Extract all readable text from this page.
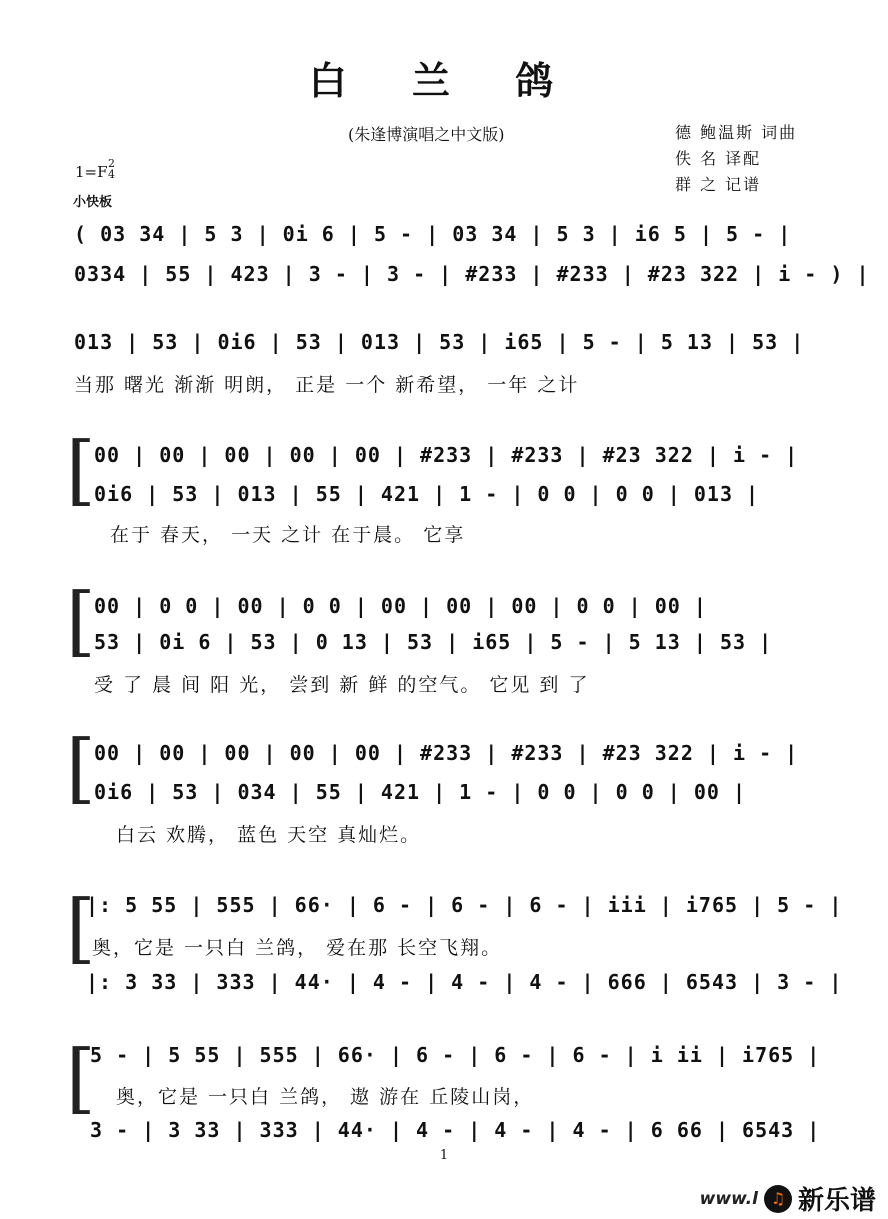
白 兰 鸽
(朱逢博演唱之中文版)	德 鲍温斯 词曲
佚 名 译配
群 之 记谱
1=F 2
4
小快板
( 03 34 | 5 3 | 0i 6 | 5 - | 03 34 | 5 3 | i6 5 | 5 - |
0334 | 55 | 423 | 3 - | 3 - | #233 | #233 | #23 322 | i - ) |
013 | 53 | 0i6 | 53 | 013 | 53 | i65 | 5 - | 5 13 | 53 |
当那 曙光 渐渐 明朗， 正是 一个 新希望， 一年 之计
[
00 | 00 | 00 | 00 | 00 | #233 | #233 | #23 322 | i - |
0i6 | 53 | 013 | 55 | 421 | 1 - | 0 0 | 0 0 | 013 |
在于 春天， 一天 之计 在于晨。 它享
[
00 | 0 0 | 00 | 0 0 | 00 | 00 | 00 | 0 0 | 00 |
53 | 0i 6 | 53 | 0 13 | 53 | i65 | 5 - | 5 13 | 53 |
受 了 晨 间 阳 光， 尝到 新 鲜 的空气。 它见 到 了
[
00 | 00 | 00 | 00 | 00 | #233 | #233 | #23 322 | i - |
0i6 | 53 | 034 | 55 | 421 | 1 - | 0 0 | 0 0 | 00 |
白云 欢腾， 蓝色 天空 真灿烂。
[
|: 5 55 | 555 | 66· | 6 - | 6 - | 6 - | iii | i765 | 5 - |
奥，它是 一只白 兰鸽， 爱在那 长空飞翔。
|: 3 33 | 333 | 44· | 4 - | 4 - | 4 - | 666 | 6543 | 3 - |
[
5 - | 5 55 | 555 | 66· | 6 - | 6 - | 6 - | i ii | i765 |
奥，它是 一只白 兰鸽， 遨 游在 丘陵山岗，
3 - | 3 33 | 333 | 44· | 4 - | 4 - | 4 - | 6 66 | 6543 |
1
www.l ♫ 新乐谱
